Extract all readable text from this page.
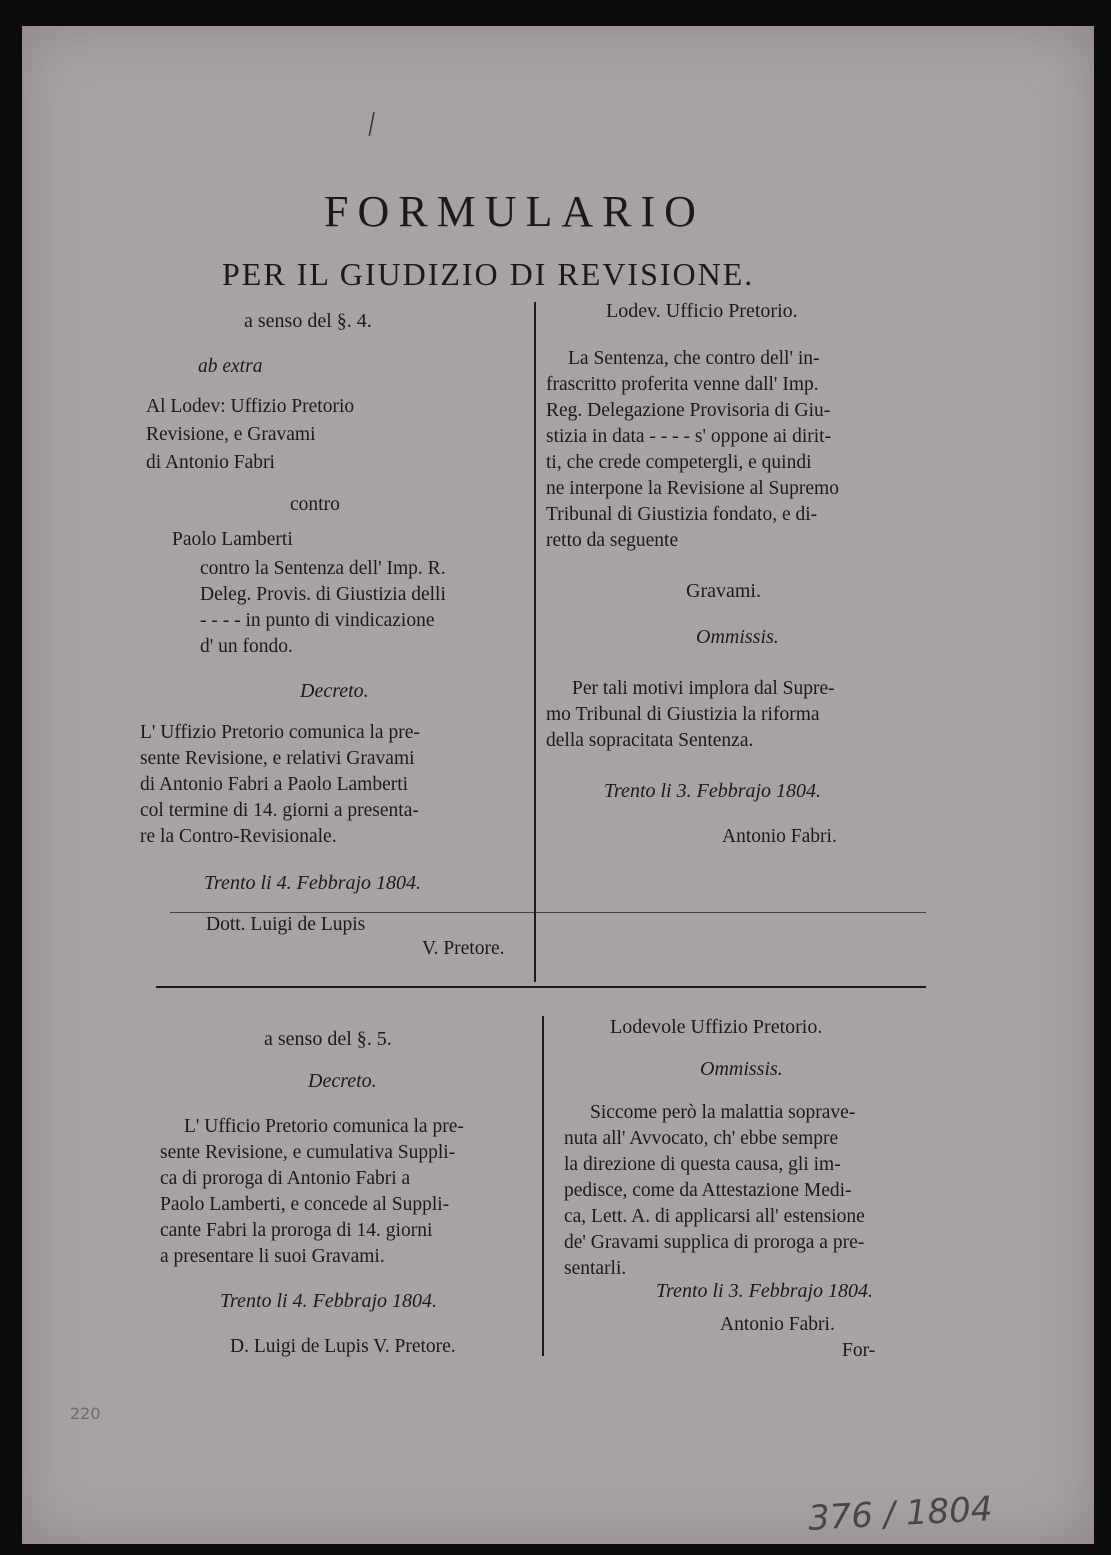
/
FORMULARIO
PER IL GIUDIZIO DI REVISIONE.
a senso del §. 4.
ab extra
Al Lodev: Uffizio Pretorio
Revisione, e Gravami
di Antonio Fabri
contro
Paolo Lamberti
contro la Sentenza dell' Imp. R.
Deleg. Provis. di Giustizia delli
- - - - in punto di vindicazione
d' un fondo.
Decreto.
L' Uffizio Pretorio comunica la pre-
sente Revisione, e relativi Gravami
di Antonio Fabri a Paolo Lamberti
col termine di 14. giorni a presenta-
re la Contro-Revisionale.
Trento li 4. Febbrajo 1804.
Dott. Luigi de Lupis
V. Pretore.
Lodev. Ufficio Pretorio.
La Sentenza, che contro dell' in-
frascritto proferita venne dall' Imp.
Reg. Delegazione Provisoria di Giu-
stizia in data - - - - s' oppone ai dirit-
ti, che crede competergli, e quindi
ne interpone la Revisione al Supremo
Tribunal di Giustizia fondato, e di-
retto da seguente
Gravami.
Ommissis.
Per tali motivi implora dal Supre-
mo Tribunal di Giustizia la riforma
della sopracitata Sentenza.
Trento li 3. Febbrajo 1804.
Antonio Fabri.
a senso del §. 5.
Decreto.
L' Ufficio Pretorio comunica la pre-
sente Revisione, e cumulativa Suppli-
ca di proroga di Antonio Fabri a
Paolo Lamberti, e concede al Suppli-
cante Fabri la proroga di 14. giorni
a presentare li suoi Gravami.
Trento li 4. Febbrajo 1804.
D. Luigi de Lupis V. Pretore.
Lodevole Uffizio Pretorio.
Ommissis.
Siccome però la malattia soprave-
nuta all' Avvocato, ch' ebbe sempre
la direzione di questa causa, gli im-
pedisce, come da Attestazione Medi-
ca, Lett. A. di applicarsi all' estensione
de' Gravami supplica di proroga a pre-
sentarli.
Trento li 3. Febbrajo 1804.
Antonio Fabri.
For-
220
376 / 1804
